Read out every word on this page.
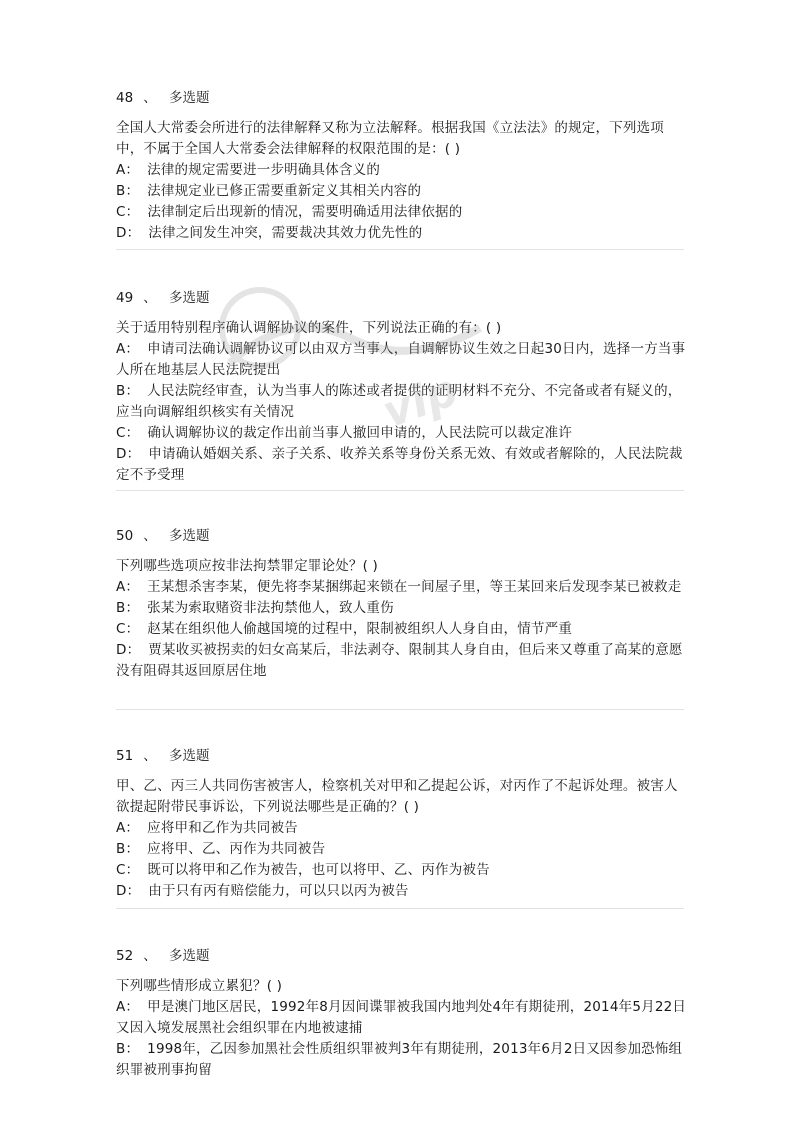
48 、 多选题
全国人大常委会所进行的法律解释又称为立法解释。根据我国《立法法》的规定，下列选项中，不属于全国人大常委会法律解释的权限范围的是：( )
A： 法律的规定需要进一步明确具体含义的
B： 法律规定业已修正需要重新定义其相关内容的
C： 法律制定后出现新的情况，需要明确适用法律依据的
D： 法律之间发生冲突，需要裁决其效力优先性的
49 、 多选题
关于适用特别程序确认调解协议的案件，下列说法正确的有：( )
A： 申请司法确认调解协议可以由双方当事人，自调解协议生效之日起30日内，选择一方当事人所在地基层人民法院提出
B： 人民法院经审查，认为当事人的陈述或者提供的证明材料不充分、不完备或者有疑义的，应当向调解组织核实有关情况
C： 确认调解协议的裁定作出前当事人撤回申请的，人民法院可以裁定准许
D： 申请确认婚姻关系、亲子关系、收养关系等身份关系无效、有效或者解除的，人民法院裁定不予受理
50 、 多选题
下列哪些选项应按非法拘禁罪定罪论处？( )
A： 王某想杀害李某，便先将李某捆绑起来锁在一间屋子里，等王某回来后发现李某已被救走
B： 张某为索取赌资非法拘禁他人，致人重伤
C： 赵某在组织他人偷越国境的过程中，限制被组织人人身自由，情节严重
D： 贾某收买被拐卖的妇女高某后，非法剥夺、限制其人身自由，但后来又尊重了高某的意愿没有阻碍其返回原居住地
51 、 多选题
甲、乙、丙三人共同伤害被害人，检察机关对甲和乙提起公诉，对丙作了不起诉处理。被害人欲提起附带民事诉讼，下列说法哪些是正确的？( )
A： 应将甲和乙作为共同被告
B： 应将甲、乙、丙作为共同被告
C： 既可以将甲和乙作为被告，也可以将甲、乙、丙作为被告
D： 由于只有丙有赔偿能力，可以只以丙为被告
52 、 多选题
下列哪些情形成立累犯？( )
A： 甲是澳门地区居民，1992年8月因间谍罪被我国内地判处4年有期徒刑，2014年5月22日又因入境发展黑社会组织罪在内地被逮捕
B： 1998年，乙因参加黑社会性质组织罪被判3年有期徒刑，2013年6月2日又因参加恐怖组织罪被刑事拘留
vip
